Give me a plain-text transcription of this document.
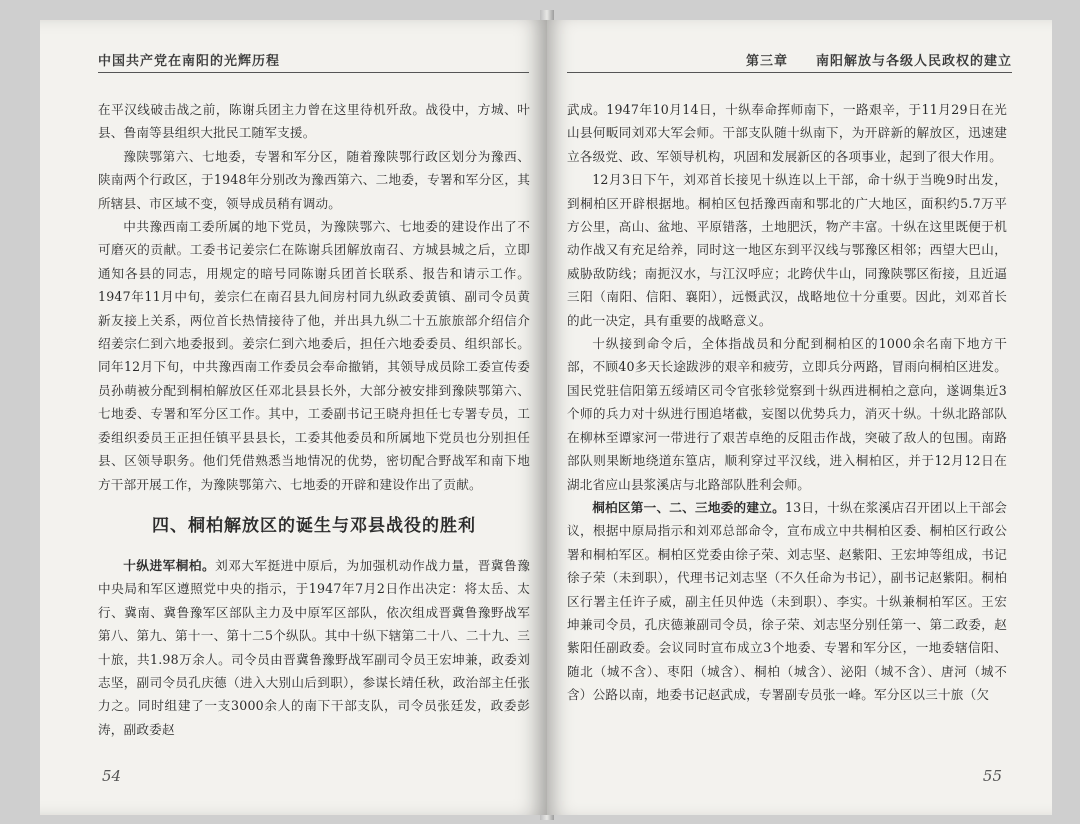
中国共产党在南阳的光辉历程

在平汉线破击战之前，陈谢兵团主力曾在这里待机歼敌。战役中，方城、叶县、鲁南等县组织大批民工随军支援。

豫陕鄂第六、七地委，专署和军分区，随着豫陕鄂行政区划分为豫西、陕南两个行政区，于1948年分别改为豫西第六、二地委，专署和军分区，其所辖县、市区域不变，领导成员稍有调动。

中共豫西南工委所属的地下党员，为豫陕鄂六、七地委的建设作出了不可磨灭的贡献。工委书记姜宗仁在陈谢兵团解放南召、方城县城之后，立即通知各县的同志，用规定的暗号同陈谢兵团首长联系、报告和请示工作。1947年11月中旬，姜宗仁在南召县九间房村同九纵政委黄镇、副司令员黄新友接上关系，两位首长热情接待了他，并出具九纵二十五旅旅部介绍信介绍姜宗仁到六地委报到。姜宗仁到六地委后，担任六地委委员、组织部长。同年12月下旬，中共豫西南工作委员会奉命撤销，其领导成员除工委宣传委员孙萌被分配到桐柏解放区任邓北县县长外，大部分被安排到豫陕鄂第六、七地委、专署和军分区工作。其中，工委副书记王晓舟担任七专署专员，工委组织委员王正担任镇平县县长，工委其他委员和所属地下党员也分别担任县、区领导职务。他们凭借熟悉当地情况的优势，密切配合野战军和南下地方干部开展工作，为豫陕鄂第六、七地委的开辟和建设作出了贡献。

四、桐柏解放区的诞生与邓县战役的胜利

十纵进军桐柏。刘邓大军挺进中原后，为加强机动作战力量，晋冀鲁豫中央局和军区遵照党中央的指示，于1947年7月2日作出决定：将太岳、太行、冀南、冀鲁豫军区部队主力及中原军区部队，依次组成晋冀鲁豫野战军第八、第九、第十一、第十二5个纵队。其中十纵下辖第二十八、二十九、三十旅，共1.98万余人。司令员由晋冀鲁豫野战军副司令员王宏坤兼，政委刘志坚，副司令员孔庆德（进入大别山后到职），参谋长靖任秋，政治部主任张力之。同时组建了一支3000余人的南下干部支队，司令员张廷发，政委彭涛，副政委赵

54
第三章　　南阳解放与各级人民政权的建立

武成。1947年10月14日，十纵奉命挥师南下，一路艰辛，于11月29日在光山县何畈同刘邓大军会师。干部支队随十纵南下，为开辟新的解放区，迅速建立各级党、政、军领导机构，巩固和发展新区的各项事业，起到了很大作用。

12月3日下午，刘邓首长接见十纵连以上干部，命十纵于当晚9时出发，到桐柏区开辟根据地。桐柏区包括豫西南和鄂北的广大地区，面积约5.7万平方公里，高山、盆地、平原错落，土地肥沃，物产丰富。十纵在这里既便于机动作战又有充足给养，同时这一地区东到平汉线与鄂豫区相邻；西望大巴山，威胁敌防线；南扼汉水，与江汉呼应；北跨伏牛山，同豫陕鄂区衔接，且近逼三阳（南阳、信阳、襄阳），远慑武汉，战略地位十分重要。因此，刘邓首长的此一决定，具有重要的战略意义。

十纵接到命令后，全体指战员和分配到桐柏区的1000余名南下地方干部，不顾40多天长途跋涉的艰辛和疲劳，立即兵分两路，冒雨向桐柏区进发。国民党驻信阳第五绥靖区司令官张轸觉察到十纵西进桐柏之意向，遂调集近3个师的兵力对十纵进行围追堵截，妄图以优势兵力，消灭十纵。十纵北路部队在柳林至谭家河一带进行了艰苦卓绝的反阻击作战，突破了敌人的包围。南路部队则果断地绕道东篁店，顺利穿过平汉线，进入桐柏区，并于12月12日在湖北省应山县浆溪店与北路部队胜利会师。

桐柏区第一、二、三地委的建立。13日，十纵在浆溪店召开团以上干部会议，根据中原局指示和刘邓总部命令，宣布成立中共桐柏区委、桐柏区行政公署和桐柏军区。桐柏区党委由徐子荣、刘志坚、赵紫阳、王宏坤等组成，书记徐子荣（未到职），代理书记刘志坚（不久任命为书记），副书记赵紫阳。桐柏区行署主任许子威，副主任贝仲选（未到职）、李实。十纵兼桐柏军区。王宏坤兼司令员，孔庆德兼副司令员，徐子荣、刘志坚分别任第一、第二政委，赵紫阳任副政委。会议同时宣布成立3个地委、专署和军分区，一地委辖信阳、随北（城不含）、枣阳（城含）、桐柏（城含）、泌阳（城不含）、唐河（城不含）公路以南，地委书记赵武成，专署副专员张一峰。军分区以三十旅（欠

55
